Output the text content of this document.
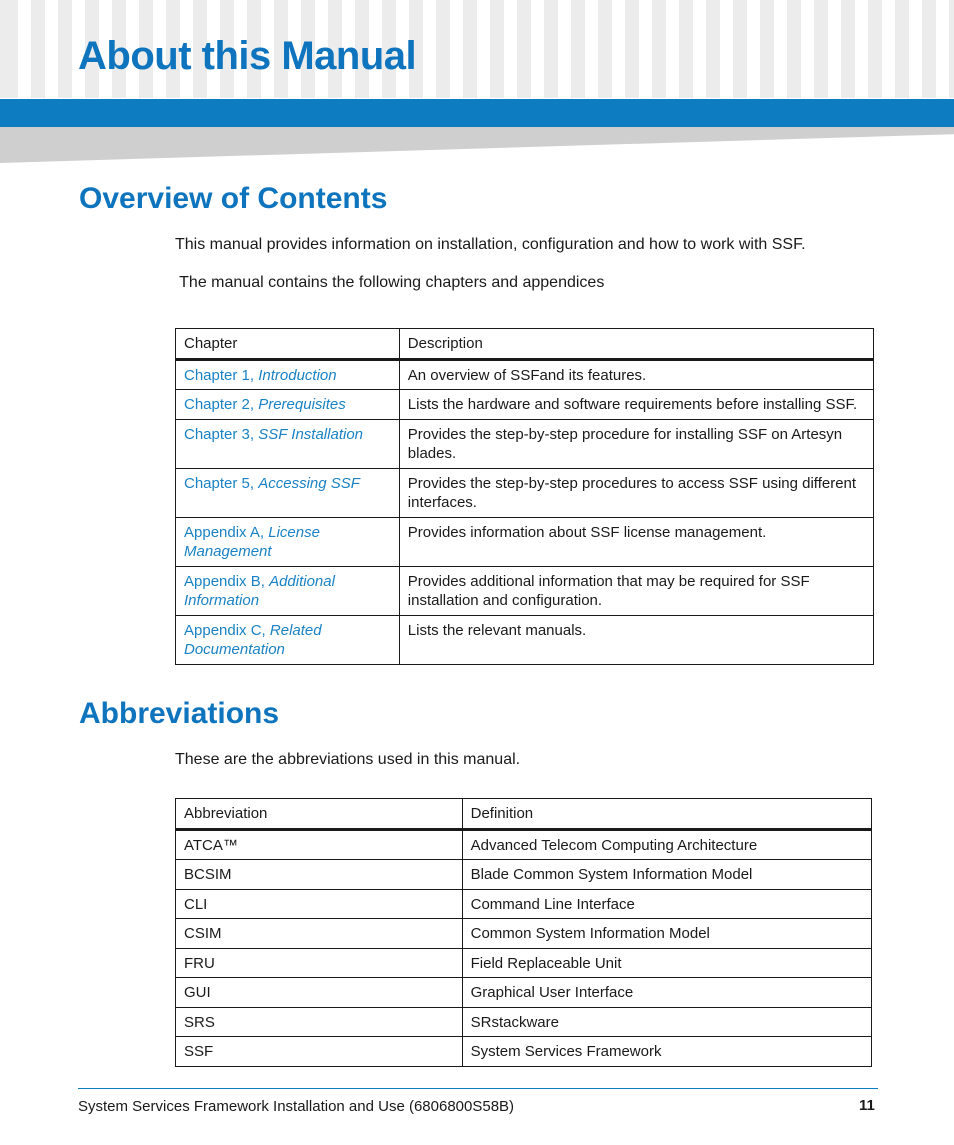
About this Manual
Overview of Contents

This manual provides information on installation, configuration and how to work with SSF.

The manual contains the following chapters and appendices

Chapter	Description
Chapter 1, Introduction	An overview of SSFand its features.
Chapter 2, Prerequisites	Lists the hardware and software requirements before installing SSF.
Chapter 3, SSF Installation	Provides the step-by-step procedure for installing SSF on Artesyn blades.
Chapter 5, Accessing SSF	Provides the step-by-step procedures to access SSF using different interfaces.
Appendix A, License Management	Provides information about SSF license management.
Appendix B, Additional Information	Provides additional information that may be required for SSF installation and configuration.
Appendix C, Related Documentation	Lists the relevant manuals.
Abbreviations

These are the abbreviations used in this manual.

Abbreviation	Definition
ATCA™	Advanced Telecom Computing Architecture
BCSIM	Blade Common System Information Model
CLI	Command Line Interface
CSIM	Common System Information Model
FRU	Field Replaceable Unit
GUI	Graphical User Interface
SRS	SRstackware
SSF	System Services Framework
System Services Framework Installation and Use (6806800S58B)	11
